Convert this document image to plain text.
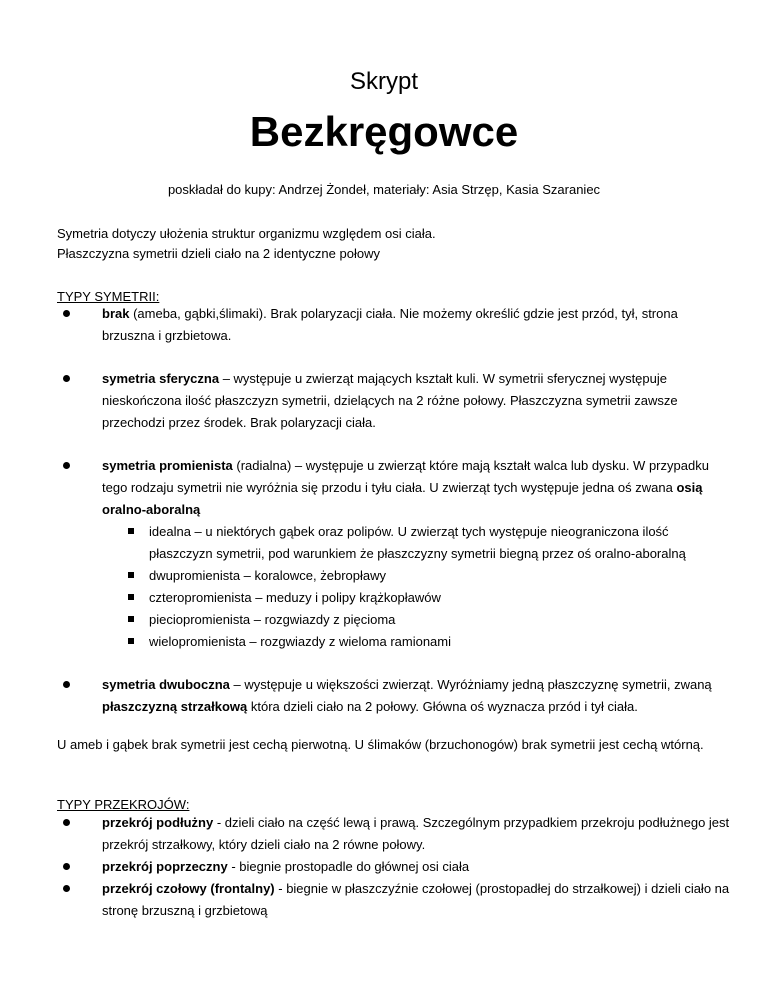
Skrypt
Bezkręgowce
poskładał do kupy: Andrzej Żondeł, materiały: Asia Strzęp, Kasia Szaraniec
Symetria dotyczy ułożenia struktur organizmu względem osi ciała.
Płaszczyzna symetrii dzieli ciało na 2 identyczne połowy
TYPY SYMETRII:
brak (ameba, gąbki,ślimaki). Brak polaryzacji ciała. Nie możemy określić gdzie jest przód, tył, strona brzuszna i grzbietowa.
symetria sferyczna – występuje u zwierząt mających kształt kuli. W symetrii sferycznej występuje nieskończona ilość płaszczyzn symetrii, dzielących na 2 różne połowy. Płaszczyzna symetrii zawsze przechodzi przez środek. Brak polaryzacji ciała.
symetria promienista (radialna) – występuje u zwierząt które mają kształt walca lub dysku. W przypadku tego rodzaju symetrii nie wyróżnia się przodu i tyłu ciała. U zwierząt tych występuje jedna oś zwana osią oralno-aboralną
idealna – u niektórych gąbek oraz polipów. U zwierząt tych występuje nieograniczona ilość płaszczyzn symetrii, pod warunkiem że płaszczyzny symetrii biegną przez oś oralno-aboralną
dwupromienista – koralowce, żebropławy
czteropromienista – meduzy i polipy krążkopławów
pieciopromienista – rozgwiazdy z pięcioma
wielopromienista – rozgwiazdy z wieloma ramionami
symetria dwuboczna – występuje u większości zwierząt. Wyróżniamy jedną płaszczyznę symetrii, zwaną płaszczyzną strzałkową która dzieli ciało na 2 połowy. Główna oś wyznacza przód i tył ciała.
U ameb i gąbek brak symetrii jest cechą pierwotną. U ślimaków (brzuchonogów) brak symetrii jest cechą wtórną.
TYPY PRZEKROJÓW:
przekrój podłużny - dzieli ciało na część lewą i prawą. Szczególnym przypadkiem przekroju podłużnego jest przekrój strzałkowy, który dzieli ciało na 2 równe połowy.
przekrój poprzeczny - biegnie prostopadle do głównej osi ciała
przekrój czołowy (frontalny) - biegnie w płaszczyźnie czołowej (prostopadłej do strzałkowej) i dzieli ciało na stronę brzuszną i grzbietową
